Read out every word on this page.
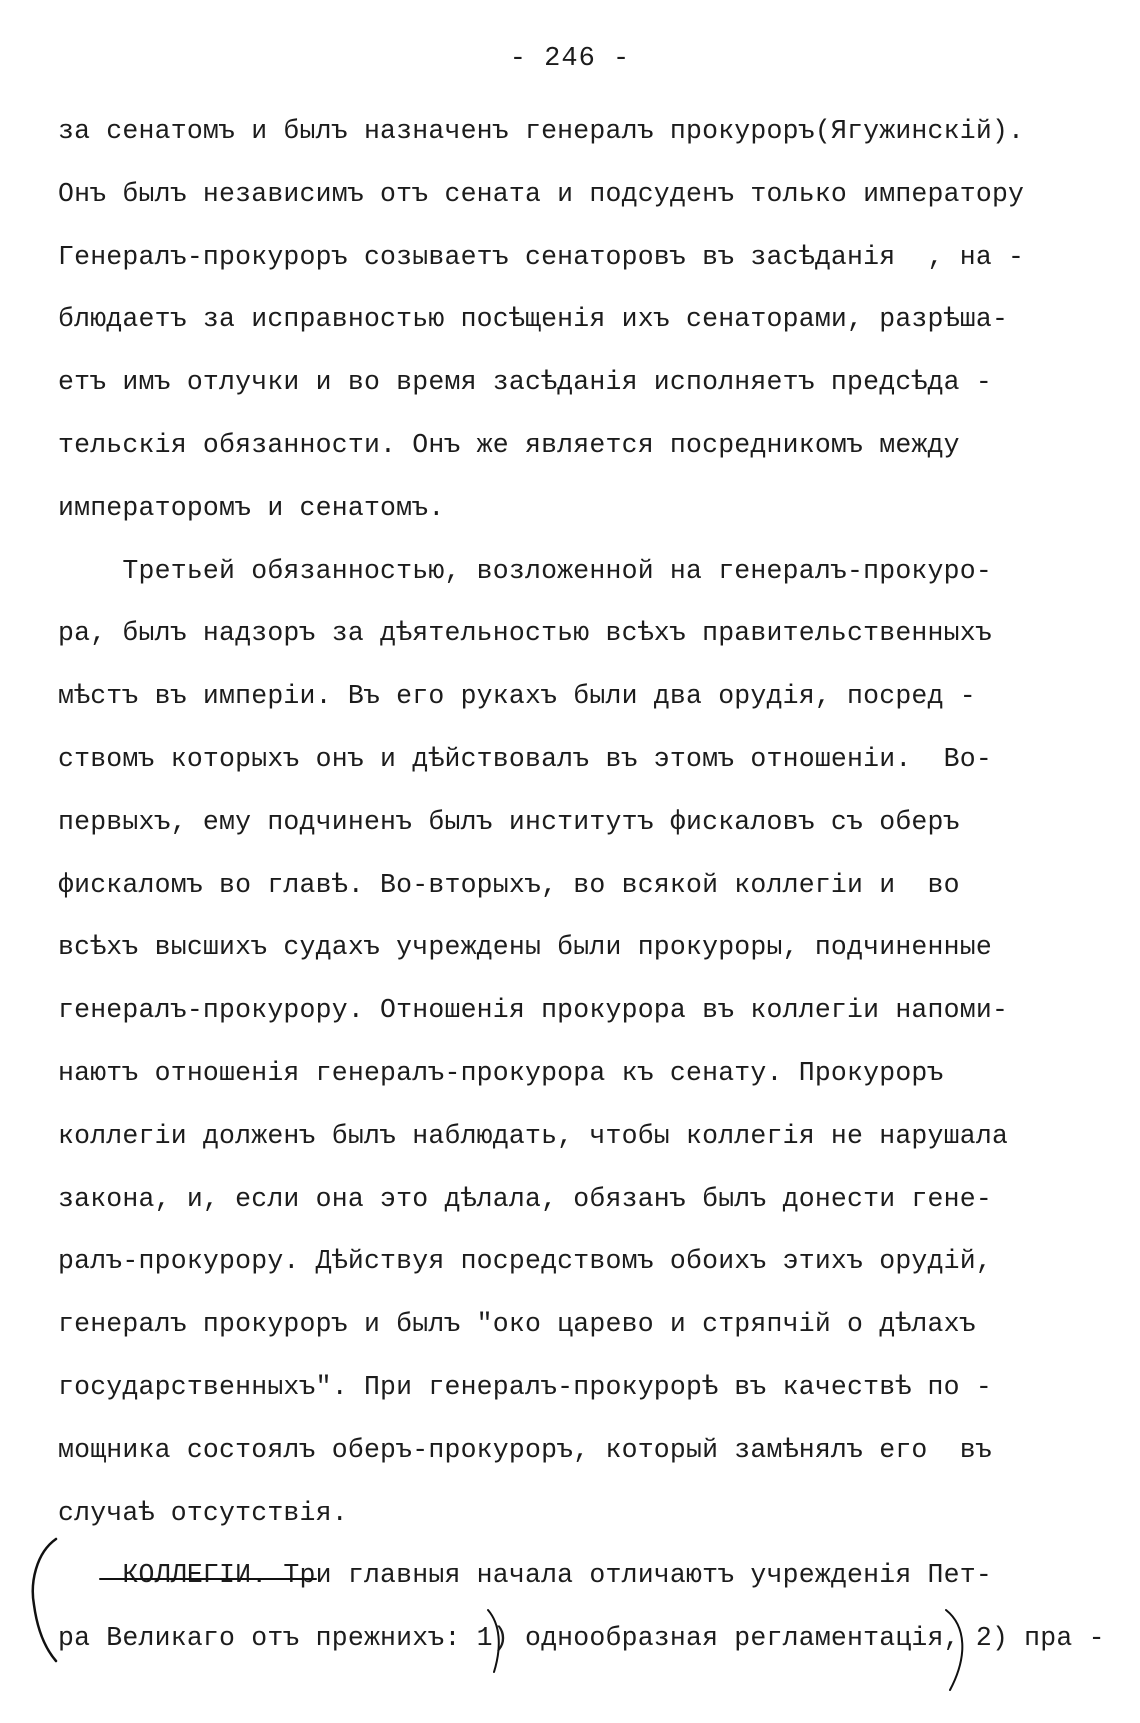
- 246 -
за сенатомъ и былъ назначенъ генералъ прокуроръ(Ягужинскій).
Онъ былъ независимъ отъ сената и подсуденъ только императору
Генералъ-прокуроръ созываетъ сенаторовъ въ засѣданія  , на -
блюдаетъ за исправностью посѣщенія ихъ сенаторами, разрѣша-
етъ имъ отлучки и во время засѣданія исполняетъ предсѣда -
тельскія обязанности. Онъ же является посредникомъ между
императоромъ и сенатомъ.
Третьей обязанностью, возложенной на генералъ-прокуро-
ра, былъ надзоръ за дѣятельностью всѣхъ правительственныхъ
мѣстъ въ имперіи. Въ его рукахъ были два орудія, посред -
ствомъ которыхъ онъ и дѣйствовалъ въ этомъ отношеніи.  Во-
первыхъ, ему подчиненъ былъ институтъ фискаловъ съ оберъ
фискаломъ во главѣ. Во-вторыхъ, во всякой коллегіи и  во
всѣхъ высшихъ судахъ учреждены были прокуроры, подчиненные
генералъ-прокурору. Отношенія прокурора въ коллегіи напоми-
наютъ отношенія генералъ-прокурора къ сенату. Прокуроръ
коллегіи долженъ былъ наблюдать, чтобы коллегія не нарушала
закона, и, если она это дѣлала, обязанъ былъ донести гене-
ралъ-прокурору. Дѣйствуя посредствомъ обоихъ этихъ орудій,
генералъ прокуроръ и былъ "око царево и стряпчій о дѣлахъ
государственныхъ". При генералъ-прокурорѣ въ качествѣ по -
мощника состоялъ оберъ-прокуроръ, который замѣнялъ его  въ
случаѣ отсутствія.
КОЛЛЕГІИ. Три главныя начала отличаютъ учрежденія Пет-
ра Великаго отъ прежнихъ: 1) однообразная регламентація, 2) пра -
